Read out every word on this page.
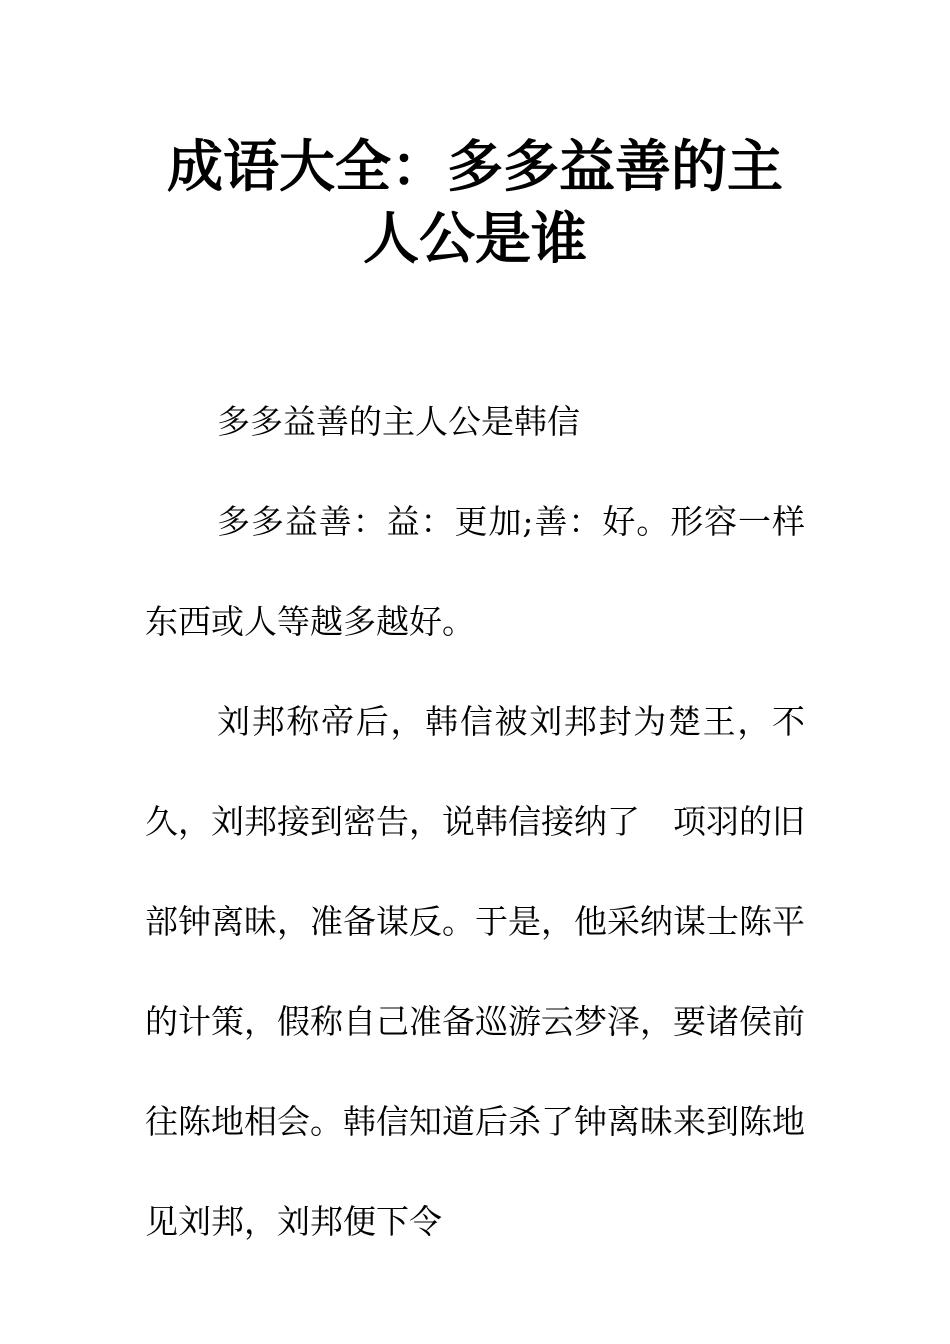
成语大全：多多益善的主人公是谁

多多益善的主人公是韩信

多多益善：益：更加;善：好。形容一样东西或人等越多越好。

刘邦称帝后，韩信被刘邦封为楚王，不久，刘邦接到密告，说韩信接纳了　项羽的旧部钟离昧，准备谋反。于是，他采纳谋士陈平的计策，假称自己准备巡游云梦泽，要诸侯前往陈地相会。韩信知道后杀了钟离昧来到陈地见刘邦，刘邦便下令
